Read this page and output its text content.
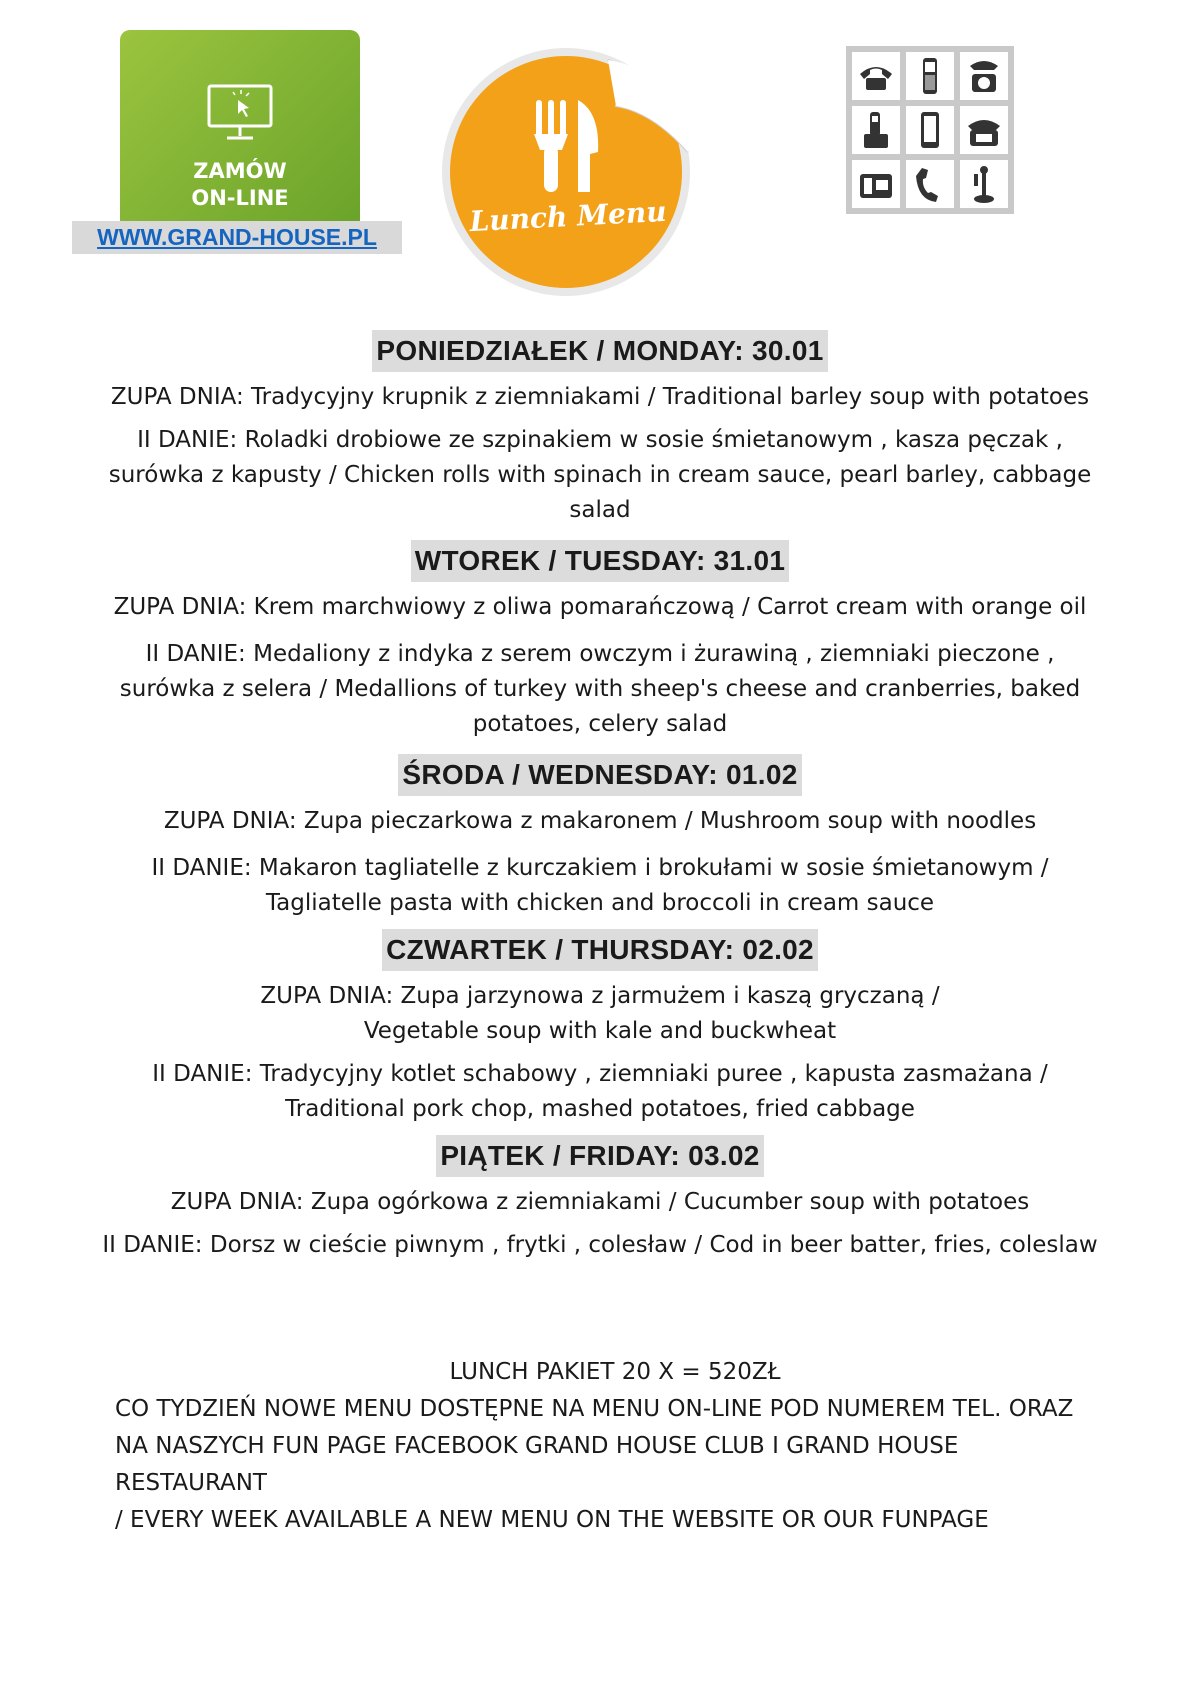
ZAMÓW
ON-LINE
WWW.GRAND-HOUSE.PL	Lunch Menu
PONIEDZIAŁEK / MONDAY: 30.01

ZUPA DNIA: Tradycyjny krupnik z ziemniakami / Traditional barley soup with potatoes

II DANIE: Roladki drobiowe ze szpinakiem w sosie śmietanowym , kasza pęczak ,

surówka z kapusty / Chicken rolls with spinach in cream sauce, pearl barley, cabbage

salad

WTOREK / TUESDAY: 31.01

ZUPA DNIA: Krem marchwiowy z oliwa pomarańczową / Carrot cream with orange oil

II DANIE: Medaliony z indyka z serem owczym i żurawiną , ziemniaki pieczone ,

surówka z selera / Medallions of turkey with sheep's cheese and cranberries, baked

potatoes, celery salad

ŚRODA / WEDNESDAY: 01.02

ZUPA DNIA: Zupa pieczarkowa z makaronem / Mushroom soup with noodles

II DANIE: Makaron tagliatelle z kurczakiem i brokułami w sosie śmietanowym /

Tagliatelle pasta with chicken and broccoli in cream sauce

CZWARTEK / THURSDAY: 02.02

ZUPA DNIA: Zupa jarzynowa z jarmużem i kaszą gryczaną /

Vegetable soup with kale and buckwheat

II DANIE: Tradycyjny kotlet schabowy , ziemniaki puree , kapusta zasmażana /

Traditional pork chop, mashed potatoes, fried cabbage

PIĄTEK / FRIDAY: 03.02

ZUPA DNIA: Zupa ogórkowa z ziemniakami / Cucumber soup with potatoes

II DANIE: Dorsz w cieście piwnym , frytki , colesław / Cod in beer batter, fries, coleslaw

LUNCH PAKIET 20 X = 520ZŁ
CO TYDZIEŃ NOWE MENU DOSTĘPNE NA MENU ON-LINE POD NUMEREM TEL. ORAZ
NA NASZYCH FUN PAGE FACEBOOK GRAND HOUSE CLUB I GRAND HOUSE RESTAURANT
/ EVERY WEEK AVAILABLE A NEW MENU ON THE WEBSITE OR OUR FUNPAGE
